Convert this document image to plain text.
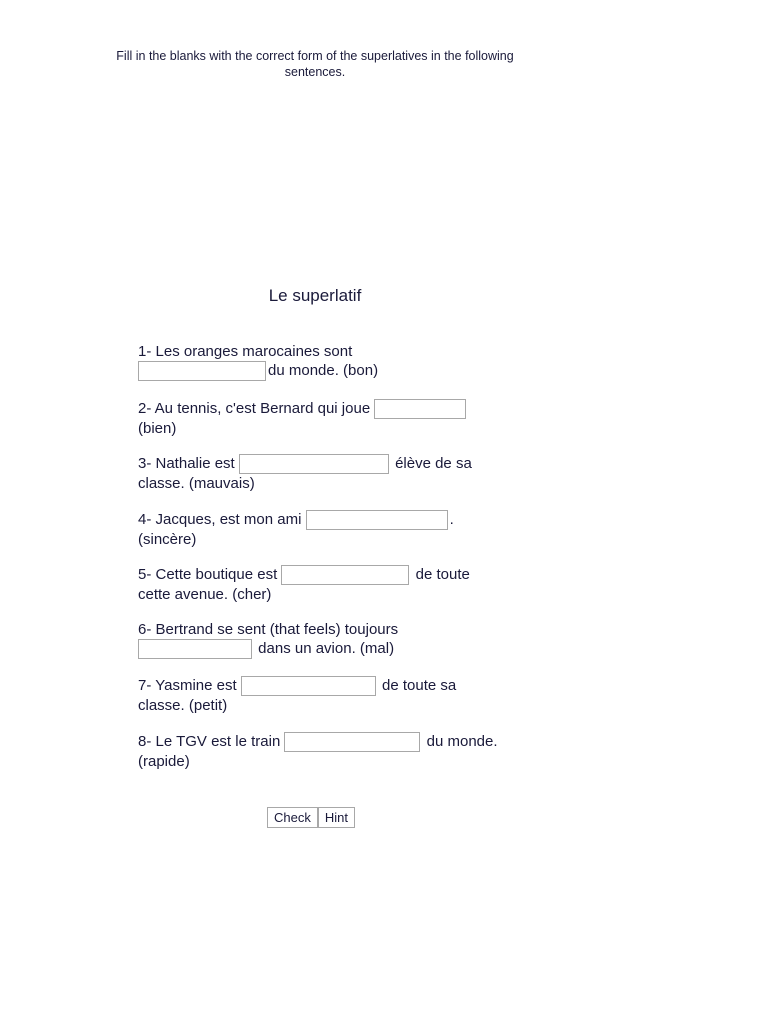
Fill in the blanks with the correct form of the superlatives in the following sentences.
Le superlatif
1- Les oranges marocaines sont
du monde. (bon)
2- Au tennis, c'est Bernard qui joue
(bien)
3- Nathalie est	élève de sa classe. (mauvais)
4- Jacques, est mon ami	. (sincère)
5- Cette boutique est	de toute cette avenue. (cher)
6- Bertrand se sent (that feels) toujours
dans un avion. (mal)
7- Yasmine est	de toute sa classe. (petit)
8- Le TGV est le train	du monde. (rapide)
Check	Hint
